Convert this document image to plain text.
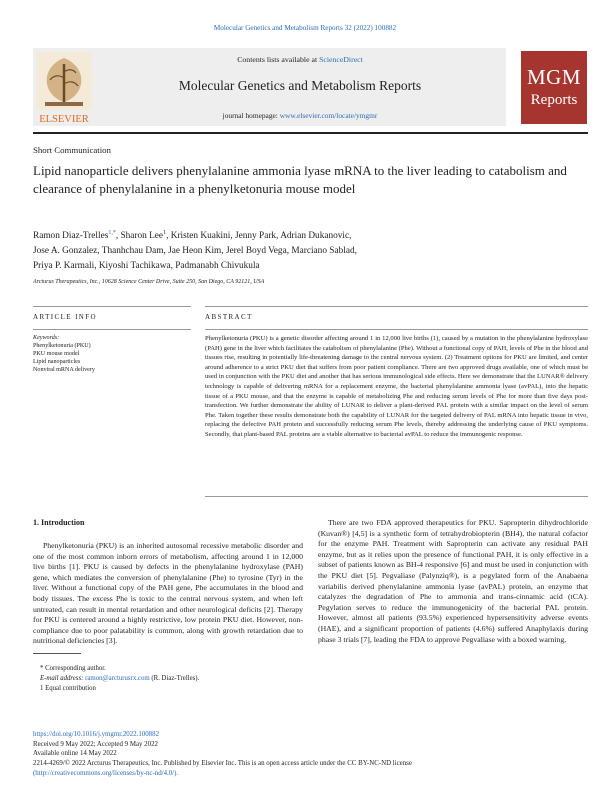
Molecular Genetics and Metabolism Reports 32 (2022) 100882
ELSEVIER
Contents lists available at ScienceDirect
Molecular Genetics and Metabolism Reports
journal homepage: www.elsevier.com/locate/ymgmr
MGM
Reports
Short Communication
Lipid nanoparticle delivers phenylalanine ammonia lyase mRNA to the liver leading to catabolism and clearance of phenylalanine in a phenylketonuria mouse model
Ramon Diaz-Trelles$^{1,*}$, Sharon Lee$^1$, Kristen Kuakini, Jenny Park, Adrian Dukanovic,
Jose A. Gonzalez, Thanhchau Dam, Jae Heon Kim, Jerel Boyd Vega, Marciano Sablad,
Priya P. Karmali, Kiyoshi Tachikawa, Padmanabh Chivukula
Arcturus Therapeutics, Inc., 10628 Science Center Drive, Suite 250, San Diego, CA 92121, USA
ARTICLE INFO	ABSTRACT
Keywords:
Phenylketonuria (PKU)
PKU mouse model
Lipid nanoparticles
Nonviral mRNA delivery
Phenylketonuria (PKU) is a genetic disorder affecting around 1 in 12,000 live births (1), caused by a mutation in the phenylalanine hydroxylase (PAH) gene in the liver which facilitates the catabolism of phenylalanine (Phe). Without a functional copy of PAH, levels of Phe in the blood and tissues rise, resulting in potentially life-threatening damage to the central nervous system. (2) Treatment options for PKU are limited, and center around adherence to a strict PKU diet that suffers from poor patient compliance. There are two approved drugs available, one of which must be used in conjunction with the PKU diet and another that has serious immunological side effects. Here we demonstrate that the LUNAR® delivery technology is capable of delivering mRNA for a replacement enzyme, the bacterial phenylalanine ammonia lyase (avPAL), into the hepatic tissue of a PKU mouse, and that the enzyme is capable of metabolizing Phe and reducing serum levels of Phe for more than five days post-transfection. We further demonstrate the ability of LUNAR to deliver a plant-derived PAL protein with a similar impact on the level of serum Phe. Taken together these results demonstrate both the capability of LUNAR for the targeted delivery of PAL mRNA into hepatic tissue in vivo, replacing the defective PAH protein and successfully reducing serum Phe levels, thereby addressing the underlying cause of PKU symptoms. Secondly, that plant-based PAL proteins are a viable alternative to bacterial avPAL to reduce the immunogenic response.
1. Introduction
Phenylketonuria (PKU) is an inherited autosomal recessive metabolic disorder and one of the most common inborn errors of metabolism, affecting around 1 in 12,000 live births [1]. PKU is caused by defects in the phenylalanine hydroxylase (PAH) gene, which mediates the conversion of phenylalanine (Phe) to tyrosine (Tyr) in the liver. Without a functional copy of the PAH gene, Phe accumulates in the blood and body tissues. The excess Phe is toxic to the central nervous system, and when left untreated, can result in mental retardation and other neurological deficits [2]. Therapy for PKU is centered around a highly restrictive, low protein PKU diet. However, non-compliance due to poor palatability is common, along with growth retardation due to nutritional deficiencies [3].
There are two FDA approved therapeutics for PKU. Sapropterin dihydrochloride (Kuvan®) [4,5] is a synthetic form of tetrahydrobiopterin (BH4), the natural cofactor for the enzyme PAH. Treatment with Sapropterin can activate any residual PAH enzyme, but as it relies upon the presence of functional PAH, it is only effective in a subset of patients known as BH-4 responsive [6] and must be used in conjunction with the PKU diet [5]. Pegvaliase (Palynziq®), is a pegylated form of the Anabaena variabilis derived phenylalanine ammonia lyase (avPAL) protein, an enzyme that catalyzes the degradation of Phe to ammonia and trans-cinnamic acid (tCA). Pegylation serves to reduce the immunogenicity of the bacterial PAL protein. However, almost all patients (93.5%) experienced hypersensitivity adverse events (HAE), and a significant proportion of patients (4.6%) suffered Anaphylaxis during phase 3 trials [7], leading the FDA to approve Pegvaliase with a boxed warning,
* Corresponding author.
E-mail address: ramon@arcturusrx.com (R. Diaz-Trelles).
1 Equal contribution
https://doi.org/10.1016/j.ymgmr.2022.100882
Received 9 May 2022; Accepted 9 May 2022
Available online 14 May 2022
2214-4269/© 2022 Arcturus Therapeutics, Inc. Published by Elsevier Inc. This is an open access article under the CC BY-NC-ND license
(http://creativecommons.org/licenses/by-nc-nd/4.0/).
